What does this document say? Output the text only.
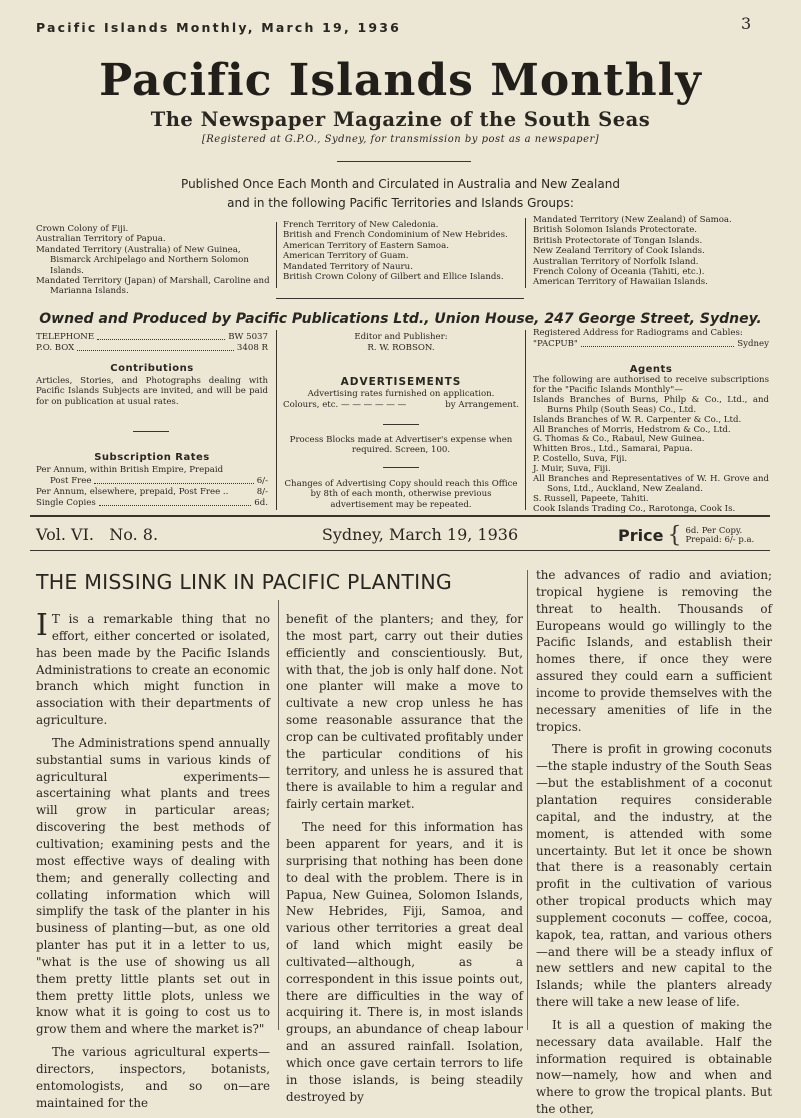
Pacific Islands Monthly, March 19, 1936	3
Pacific Islands Monthly
The Newspaper Magazine of the South Seas
[Registered at G.P.O., Sydney, for transmission by post as a newspaper]
Published Once Each Month and Circulated in Australia and New Zealand
and in the following Pacific Territories and Islands Groups:
Crown Colony of Fiji.
Australian Territory of Papua.
Mandated Territory (Australia) of New Guinea, Bismarck Archipelago and Northern Solomon Islands.
Mandated Territory (Japan) of Marshall, Caroline and Marianna Islands.
French Territory of New Caledonia.
British and French Condominium of New Hebrides.
American Territory of Eastern Samoa.
American Territory of Guam.
Mandated Territory of Nauru.
British Crown Colony of Gilbert and Ellice Islands.
Mandated Territory (New Zealand) of Samoa.
British Solomon Islands Protectorate.
British Protectorate of Tongan Islands.
New Zealand Territory of Cook Islands.
Australian Territory of Norfolk Island.
French Colony of Oceania (Tahiti, etc.).
American Territory of Hawaiian Islands.
Owned and Produced by Pacific Publications Ltd., Union House, 247 George Street, Sydney.
TELEPHONE	BW 5037
P.O. BOX	3408 R
Contributions
Articles, Stories, and Photographs dealing with Pacific Islands Subjects are invited, and will be paid for on publication at usual rates.
Subscription Rates
Per Annum, within British Empire, Prepaid
Post Free	6/-
Per Annum, elsewhere, prepaid, Post Free ..	8/-
Single Copies	6d.
Editor and Publisher:
R. W. ROBSON.
ADVERTISEMENTS
Advertising rates furnished on application.
Colours, etc. — — — — — —	by Arrangement.
Process Blocks made at Advertiser's expense when required. Screen, 100.
Changes of Advertising Copy should reach this Office by 8th of each month, otherwise previous advertisement may be repeated.
Registered Address for Radiograms and Cables:
"PACPUB"	Sydney
Agents
The following are authorised to receive subscriptions for the "Pacific Islands Monthly"—
Islands Branches of Burns, Philp & Co., Ltd., and Burns Philp (South Seas) Co., Ltd.
Islands Branches of W. R. Carpenter & Co., Ltd.
All Branches of Morris, Hedstrom & Co., Ltd.
G. Thomas & Co., Rabaul, New Guinea.
Whitten Bros., Ltd., Samarai, Papua.
P. Costello, Suva, Fiji.
J. Muir, Suva, Fiji.
All Branches and Representatives of W. H. Grove and Sons, Ltd., Auckland, New Zealand.
S. Russell, Papeete, Tahiti.
Cook Islands Trading Co., Rarotonga, Cook Is.
Vol. VI. No. 8.	Sydney, March 19, 1936	Price { 6d. Per Copy.
Prepaid: 6/- p.a.
THE MISSING LINK IN PACIFIC PLANTING

I T is a remarkable thing that no effort, either concerted or isolated, has been made by the Pacific Islands Administrations to create an economic branch which might function in association with their departments of agriculture.

The Administrations spend annually substantial sums in various kinds of agricultural experiments—ascertaining what plants and trees will grow in particular areas; discovering the best methods of cultivation; examining pests and the most effective ways of dealing with them; and generally collecting and collating information which will simplify the task of the planter in his business of planting—but, as one old planter has put it in a letter to us, "what is the use of showing us all them pretty little plants set out in them pretty little plots, unless we know what it is going to cost us to grow them and where the market is?"

The various agricultural experts—directors, inspectors, botanists, entomologists, and so on—are maintained for the

benefit of the planters; and they, for the most part, carry out their duties efficiently and conscientiously. But, with that, the job is only half done. Not one planter will make a move to cultivate a new crop unless he has some reasonable assurance that the crop can be cultivated profitably under the particular conditions of his territory, and unless he is assured that there is available to him a regular and fairly certain market.

The need for this information has been apparent for years, and it is surprising that nothing has been done to deal with the problem. There is in Papua, New Guinea, Solomon Islands, New Hebrides, Fiji, Samoa, and various other territories a great deal of land which might easily be cultivated—although, as a correspondent in this issue points out, there are difficulties in the way of acquiring it. There is, in most islands groups, an abundance of cheap labour and an assured rainfall. Isolation, which once gave certain terrors to life in those islands, is being steadily destroyed by

the advances of radio and aviation; tropical hygiene is removing the threat to health. Thousands of Europeans would go willingly to the Pacific Islands, and establish their homes there, if once they were assured they could earn a sufficient income to provide themselves with the necessary amenities of life in the tropics.

There is profit in growing coconuts—the staple industry of the South Seas—but the establishment of a coconut plantation requires considerable capital, and the industry, at the moment, is attended with some uncertainty. But let it once be shown that there is a reasonably certain profit in the cultivation of various other tropical products which may supplement coconuts — coffee, cocoa, kapok, tea, rattan, and various others—and there will be a steady influx of new settlers and new capital to the Islands; while the planters already there will take a new lease of life.

It is all a question of making the necessary data available. Half the information required is obtainable now—namely, how and when and where to grow the tropical plants. But the other,
